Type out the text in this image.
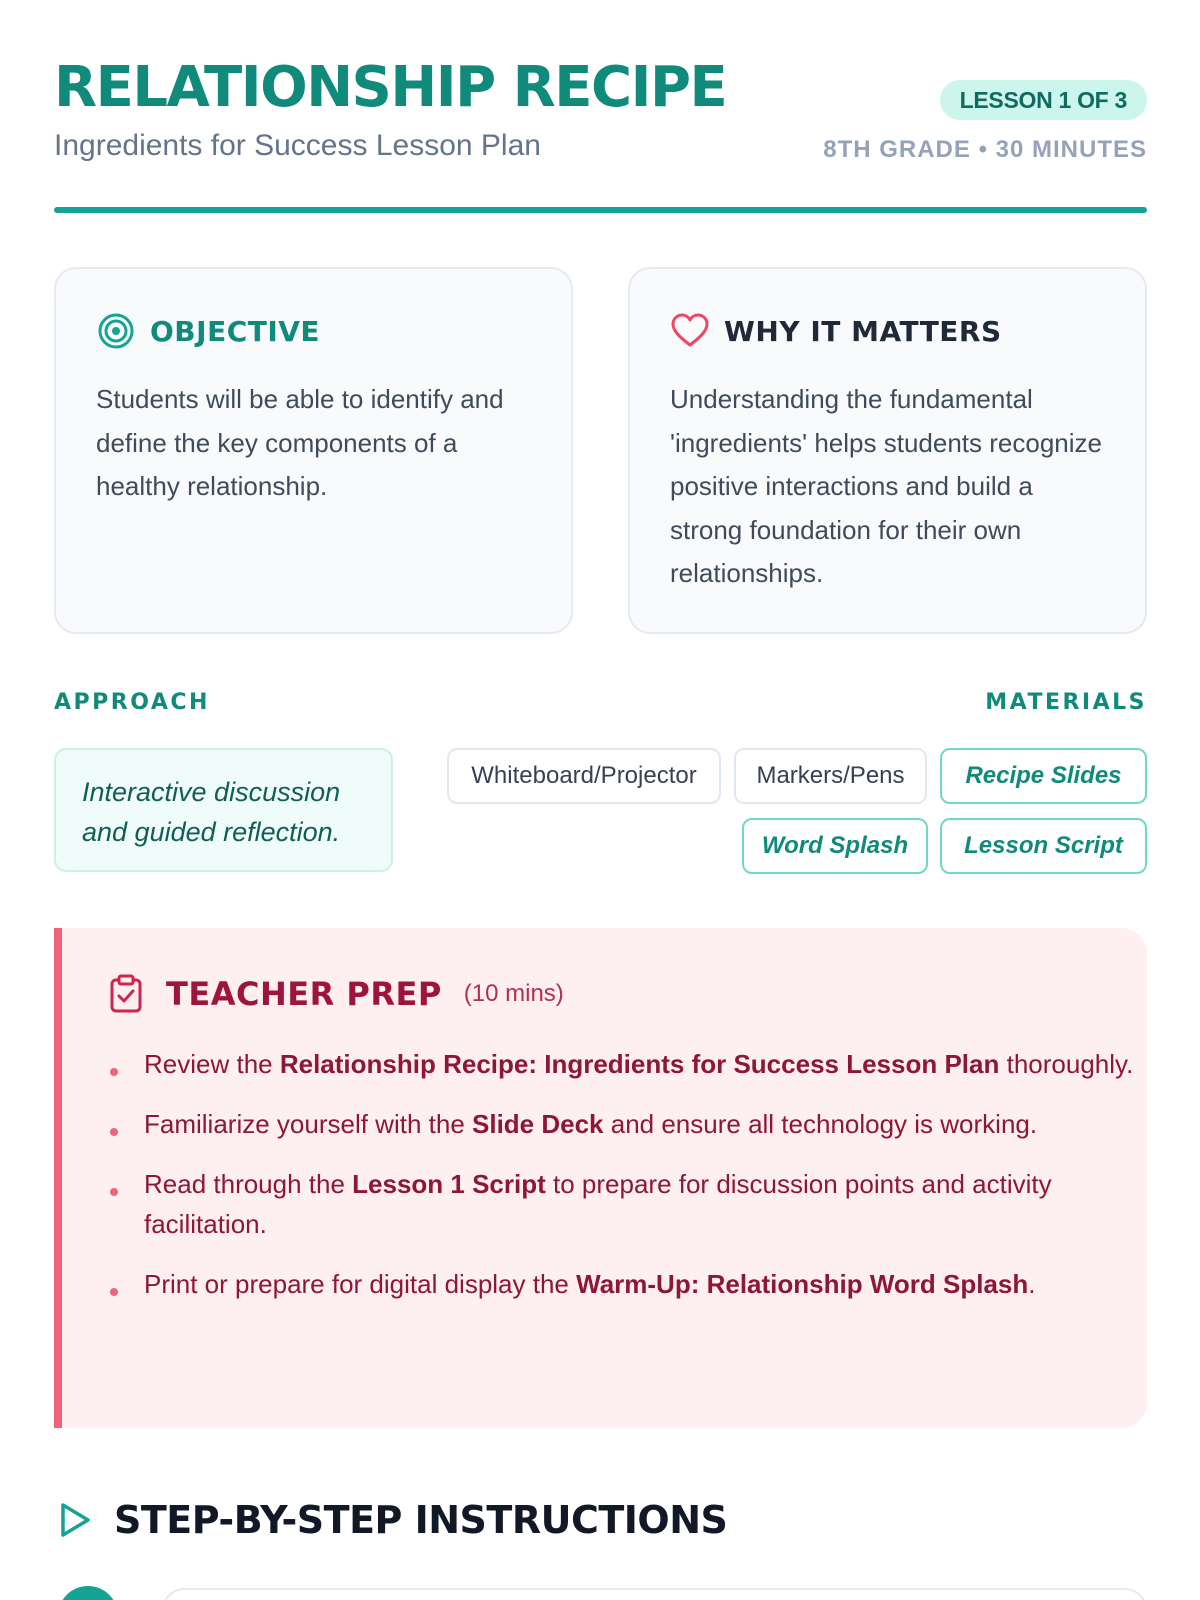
RELATIONSHIP RECIPE
Ingredients for Success Lesson Plan
LESSON 1 OF 3
8TH GRADE • 30 MINUTES
OBJECTIVE
Students will be able to identify and define the key components of a healthy relationship.
WHY IT MATTERS
Understanding the fundamental 'ingredients' helps students recognize positive interactions and build a strong foundation for their own relationships.
APPROACH	MATERIALS
Interactive discussion and guided reflection.
Whiteboard/Projector	Markers/Pens	Recipe Slides
Word Splash	Lesson Script
TEACHER PREP (10 mins)
Review the Relationship Recipe: Ingredients for Success Lesson Plan thoroughly.
Familiarize yourself with the Slide Deck and ensure all technology is working.
Read through the Lesson 1 Script to prepare for discussion points and activity facilitation.
Print or prepare for digital display the Warm-Up: Relationship Word Splash.
STEP-BY-STEP INSTRUCTIONS
